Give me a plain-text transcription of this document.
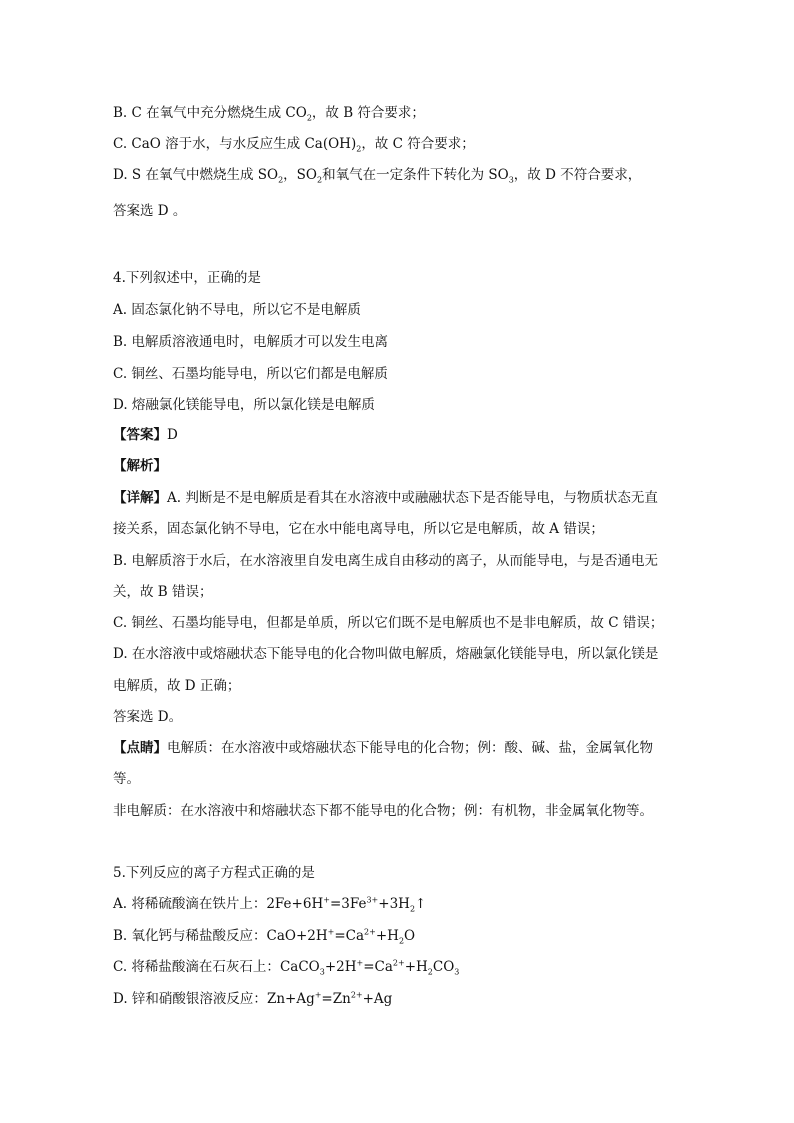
B. C 在氧气中充分燃烧生成 $CO_2$，故 B 符合要求；
C. CaO 溶于水，与水反应生成 $Ca(OH)_2$，故 C 符合要求；
D. S 在氧气中燃烧生成 $SO_2$，$SO_2$和氧气在一定条件下转化为 $SO_3$，故 D 不符合要求，
答案选 D 。
4.下列叙述中，正确的是
A. 固态氯化钠不导电，所以它不是电解质
B. 电解质溶液通电时，电解质才可以发生电离
C. 铜丝、石墨均能导电，所以它们都是电解质
D. 熔融氯化镁能导电，所以氯化镁是电解质
【答案】D
【解析】
【详解】A. 判断是不是电解质是看其在水溶液中或融融状态下是否能导电，与物质状态无直
接关系，固态氯化钠不导电，它在水中能电离导电，所以它是电解质，故 A 错误；
B. 电解质溶于水后，在水溶液里自发电离生成自由移动的离子，从而能导电，与是否通电无
关，故 B 错误；
C. 铜丝、石墨均能导电，但都是单质，所以它们既不是电解质也不是非电解质，故 C 错误；
D. 在水溶液中或熔融状态下能导电的化合物叫做电解质，熔融氯化镁能导电，所以氯化镁是
电解质，故 D 正确；
答案选 D。
【点睛】电解质：在水溶液中或熔融状态下能导电的化合物；例：酸、碱、盐，金属氧化物
等。
非电解质：在水溶液中和熔融状态下都不能导电的化合物；例：有机物，非金属氧化物等。
5.下列反应的离子方程式正确的是
A. 将稀硫酸滴在铁片上：$2Fe+6H^+=3Fe^{3+}+3H_2↑$
B. 氧化钙与稀盐酸反应：$CaO+2H^+=Ca^{2+}+H_2O$
C. 将稀盐酸滴在石灰石上：$CaCO_3+2H^+=Ca^{2+}+H_2CO_3$
D. 锌和硝酸银溶液反应：$Zn+Ag^+=Zn^{2+}+Ag$
